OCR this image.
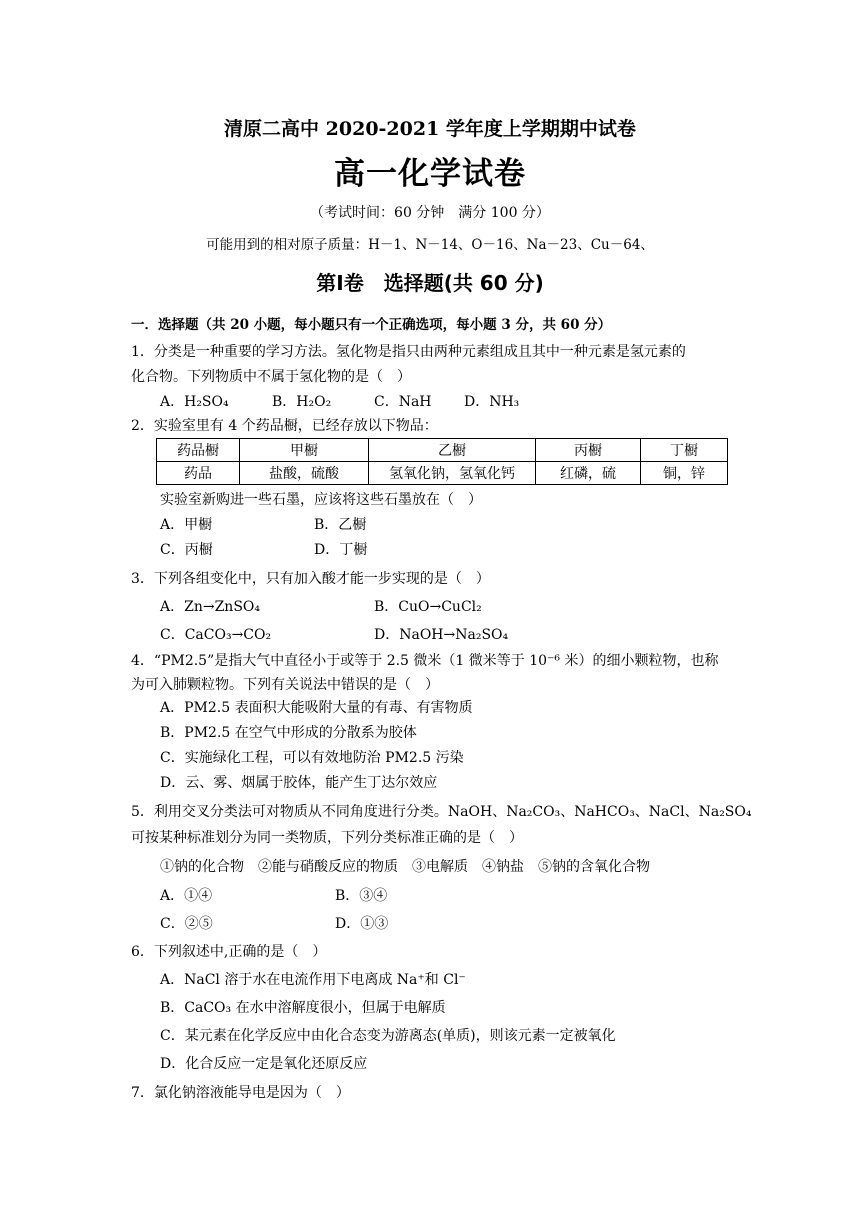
清原二高中 2020-2021 学年度上学期期中试卷
高一化学试卷
（考试时间：60 分钟　满分 100 分）
可能用到的相对原子质量：H－1、N－14、O－16、Na－23、Cu－64、
第Ⅰ卷　选择题(共 60 分)
一．选择题（共 20 小题，每小题只有一个正确选项，每小题 3 分，共 60 分）
1．分类是一种重要的学习方法。氢化物是指只由两种元素组成且其中一种元素是氢元素的
化合物。下列物质中不属于氢化物的是（　）
A．H₂SO₄	B．H₂O₂	C．NaH D．NH₃
2．实验室里有 4 个药品橱，已经存放以下物品：
药品橱	甲橱	乙橱	丙橱	丁橱
药品	盐酸，硫酸	氢氧化钠，氢氧化钙	红磷，硫	铜，锌
实验室新购进一些石墨，应该将这些石墨放在（　）
A．甲橱	B．乙橱
C．丙橱	D．丁橱
3．下列各组变化中，只有加入酸才能一步实现的是（　）
A．Zn→ZnSO₄	B．CuO→CuCl₂
C．CaCO₃→CO₂	D．NaOH→Na₂SO₄
4．“PM2.5”是指大气中直径小于或等于 2.5 微米（1 微米等于 10⁻⁶ 米）的细小颗粒物，也称
为可入肺颗粒物。下列有关说法中错误的是（　）
A．PM2.5 表面积大能吸附大量的有毒、有害物质
B．PM2.5 在空气中形成的分散系为胶体
C．实施绿化工程，可以有效地防治 PM2.5 污染
D．云、雾、烟属于胶体，能产生丁达尔效应
5．利用交叉分类法可对物质从不同角度进行分类。NaOH、Na₂CO₃、NaHCO₃、NaCl、Na₂SO₄
可按某种标准划分为同一类物质，下列分类标准正确的是（　）
①钠的化合物　②能与硝酸反应的物质　③电解质　④钠盐　⑤钠的含氧化合物
A．①④	B．③④
C．②⑤	D．①③
6．下列叙述中,正确的是（　）
A．NaCl 溶于水在电流作用下电离成 Na⁺和 Cl⁻
B．CaCO₃ 在水中溶解度很小，但属于电解质
C．某元素在化学反应中由化合态变为游离态(单质)，则该元素一定被氧化
D．化合反应一定是氧化还原反应
7．氯化钠溶液能导电是因为（　）
